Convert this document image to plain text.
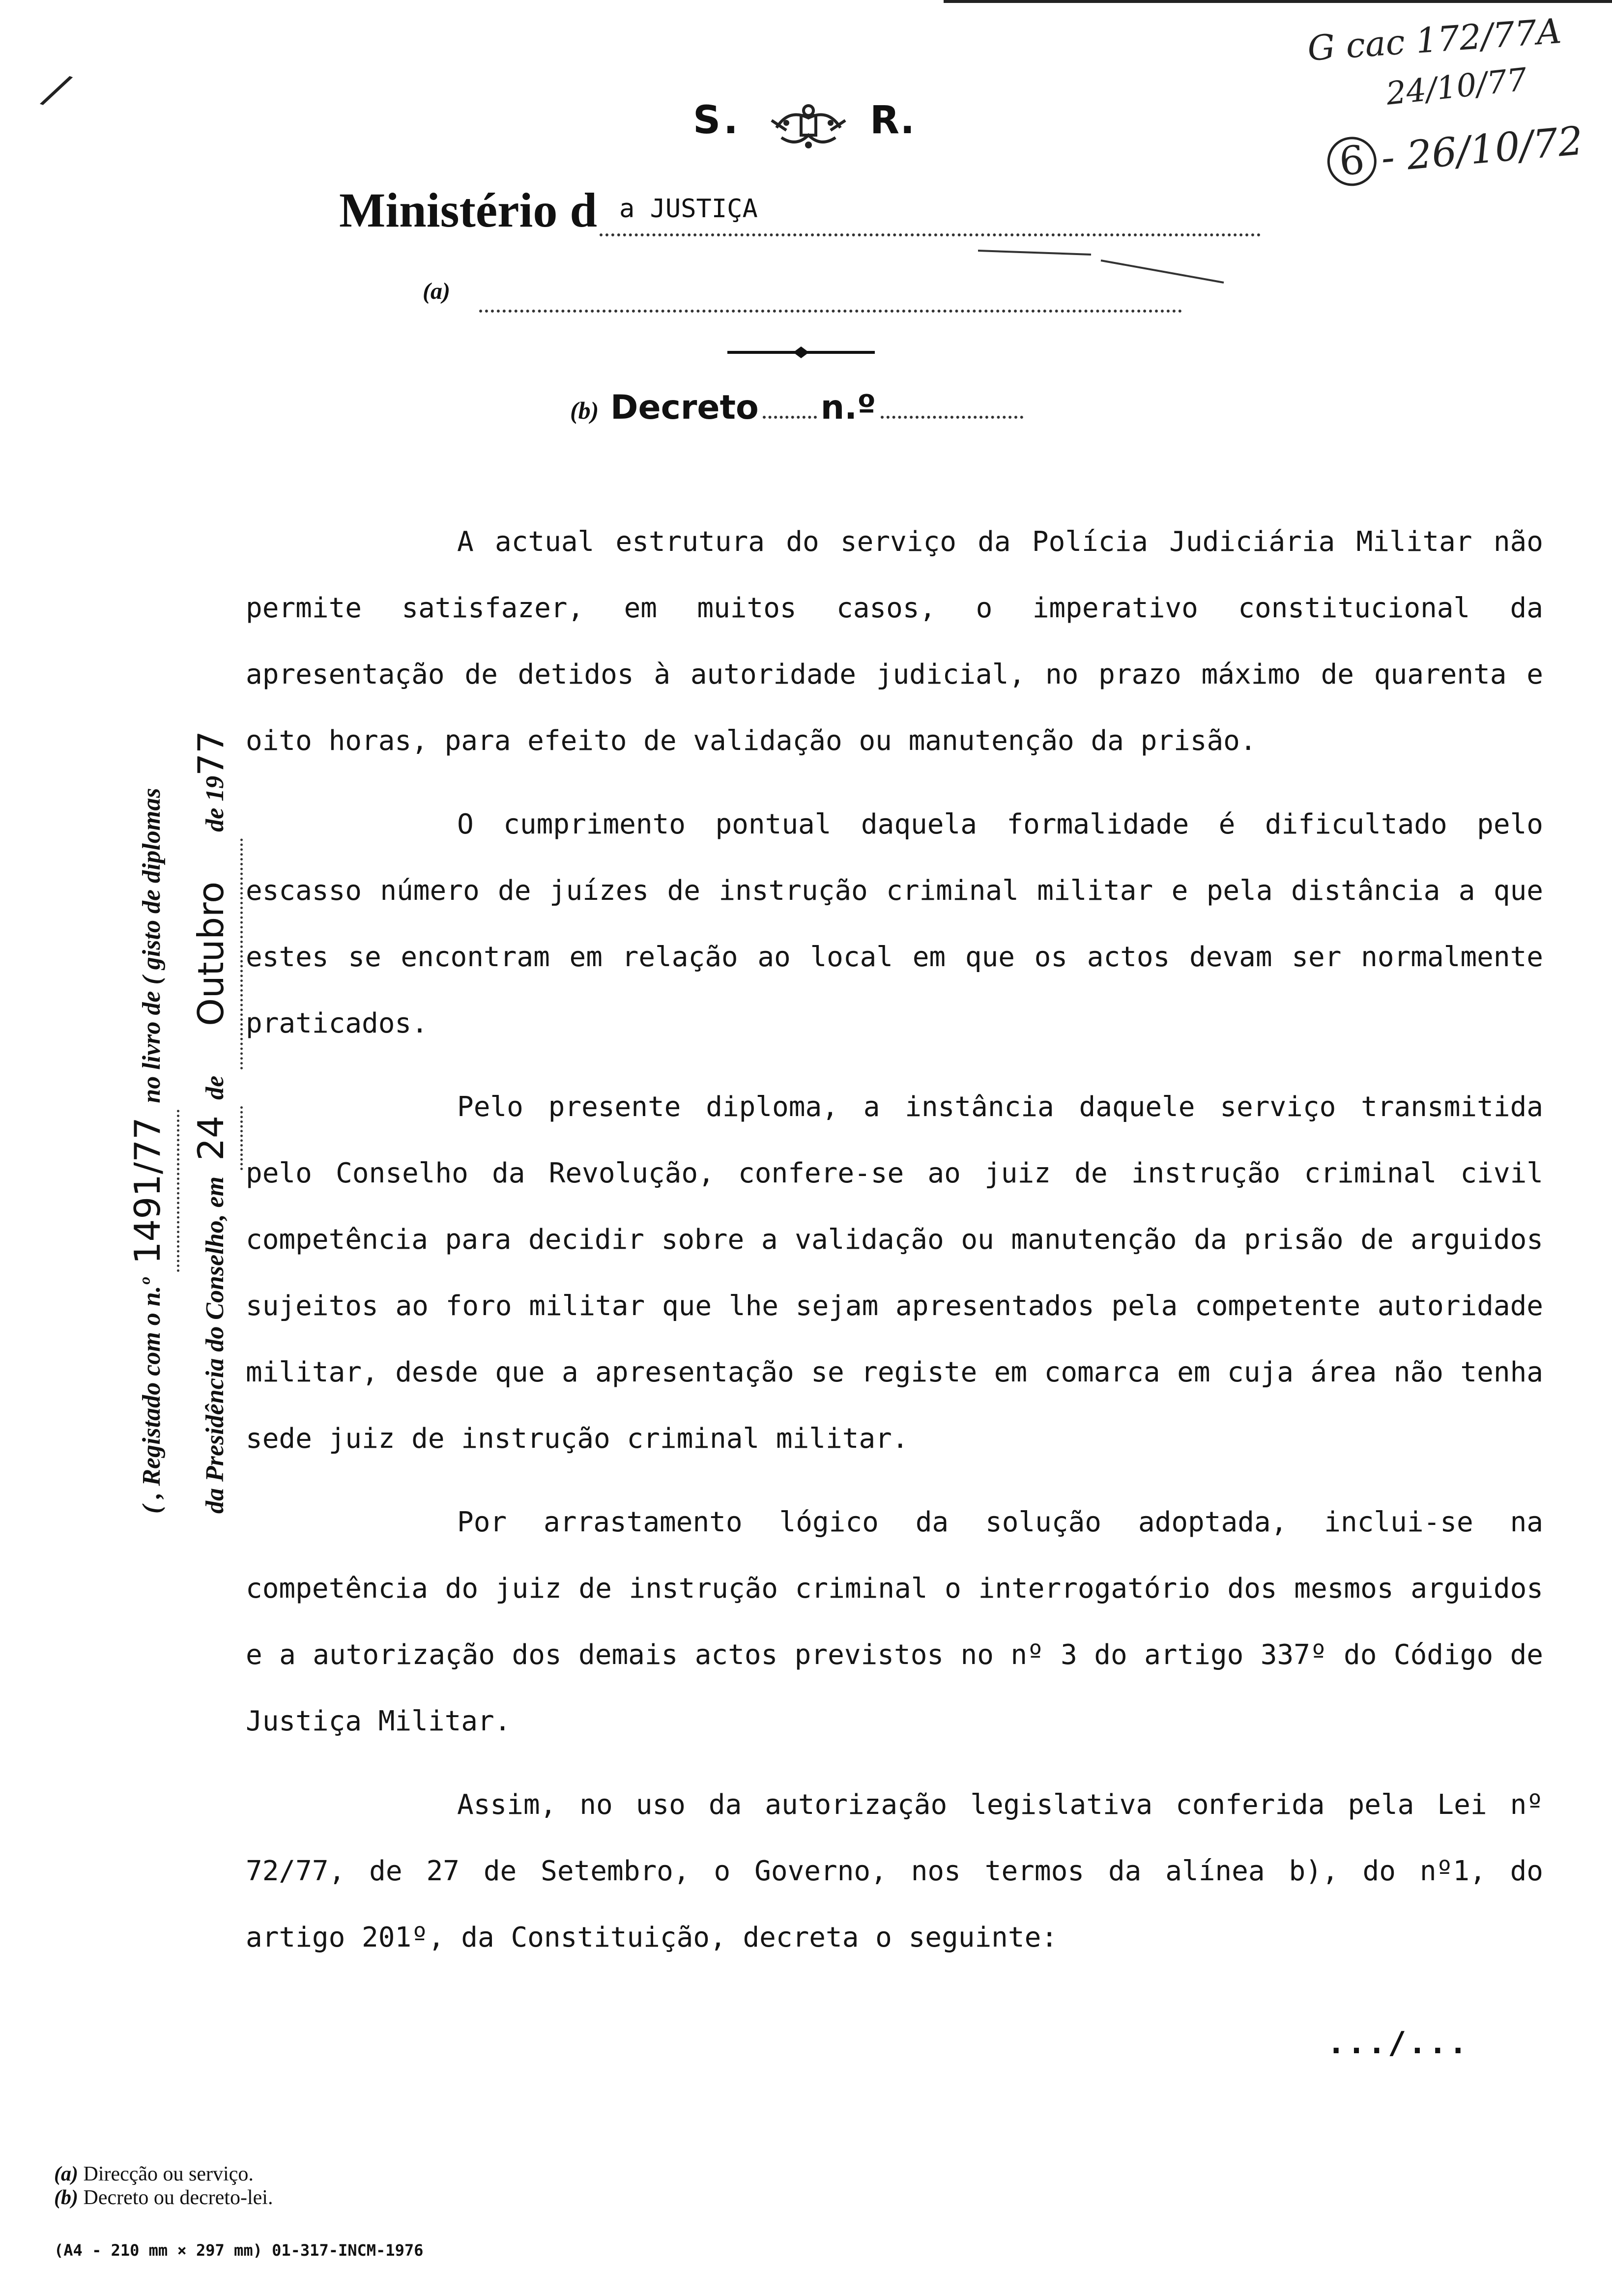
G cac 172/77A
24/10/77
6 - 26/10/72
/
S.	R.
Ministério d a JUSTIÇA
(a)
(b) Decreto n.º

A actual estrutura do serviço da Polícia Judiciária Militar não permite satisfazer, em muitos casos, o imperativo constitucional da apresentação de detidos à autoridade judicial, no prazo máximo de quarenta e oito horas, para efeito de validação ou manutenção da prisão.

O cumprimento pontual daquela formalidade é dificultado pelo escasso número de juízes de instrução criminal militar e pela distância a que estes se encontram em relação ao local em que os actos devam ser normalmente praticados.

Pelo presente diploma, a instância daquele serviço transmitida pelo Conselho da Revolução, confere-se ao juiz de instrução criminal civil competência para decidir sobre a validação ou manutenção da prisão de arguidos sujeitos ao foro militar que lhe sejam apresentados pela competente autoridade militar, desde que a apresentação se registe em comarca em cuja área não tenha sede juiz de instrução criminal militar.

Por arrastamento lógico da solução adoptada, inclui-se na competência do juiz de instrução criminal o interrogatório dos mesmos arguidos e a autorização dos demais actos previstos no nº 3 do artigo 337º do Código de Justiça Militar.

Assim, no uso da autorização legislativa conferida pela Lei nº 72/77, de 27 de Setembro, o Governo, nos termos da alínea b), do nº1, do artigo 201º, da Constituição, decreta o seguinte:

.../...
( , Registado com o n.º 1491/77 no livro de ( gisto de diplomas
da Presidência do Conselho, em 24 de Outubro de 1977
(a) Direcção ou serviço.
(b) Decreto ou decreto-lei.
(A4 - 210 mm × 297 mm) 01-317-INCM-1976
